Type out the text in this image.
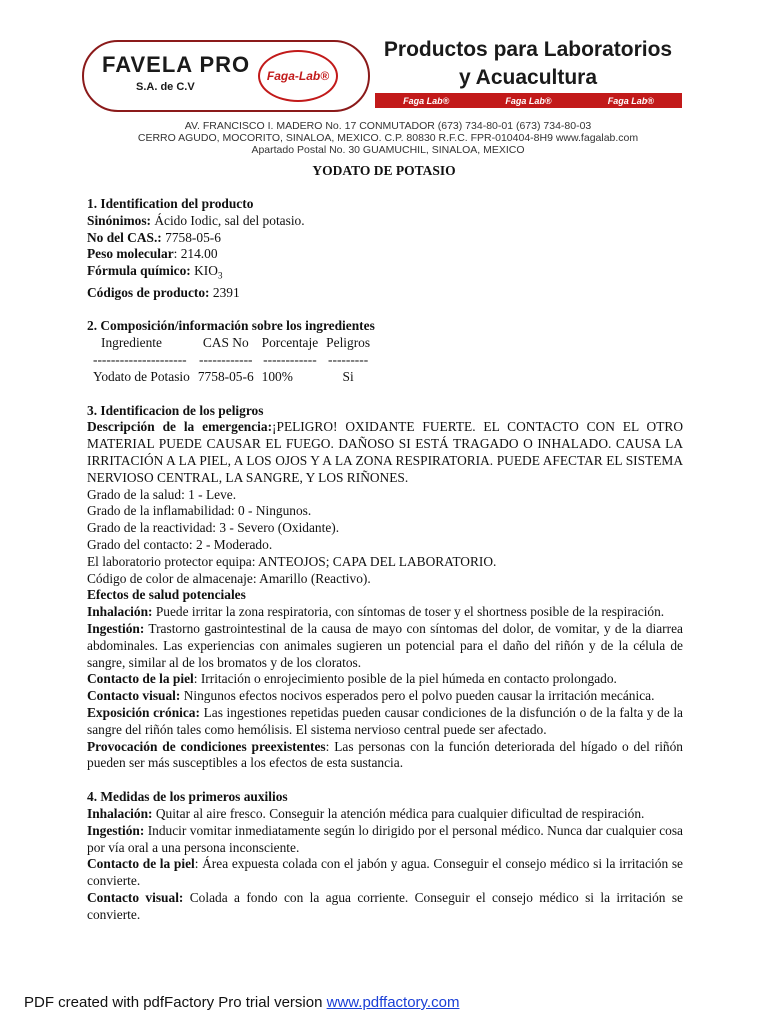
FAVELA PRO
S.A. de C.V
Faga-Lab®
Productos para Laboratorios
y Acuacultura
Faga Lab®	Faga Lab®	Faga Lab®
AV. FRANCISCO I. MADERO No. 17 CONMUTADOR (673) 734-80-01 (673) 734-80-03
CERRO AGUDO, MOCORITO, SINALOA, MEXICO. C.P. 80830 R.F.C. FPR-010404-8H9 www.fagalab.com
Apartado Postal No. 30 GUAMUCHIL, SINALOA, MEXICO
YODATO DE POTASIO

1. Identification del producto

Sinónimos: Ácido Iodic, sal del potasio.

No del CAS.: 7758-05-6

Peso molecular: 214.00

Fórmula químico: $KIO_3$

Códigos de producto: 2391

2. Composición/información sobre los ingredientes

Ingrediente	CAS No	Porcentaje	Peligros
---------------------	------------	------------	---------
Yodato de Potasio	7758-05-6	100%	Si

3. Identificacion de los peligros

Descripción de la emergencia:¡PELIGRO! OXIDANTE FUERTE. EL CONTACTO CON EL OTRO MATERIAL PUEDE CAUSAR EL FUEGO. DAÑOSO SI ESTÁ TRAGADO O INHALADO. CAUSA LA IRRITACIÓN A LA PIEL, A LOS OJOS Y A LA ZONA RESPIRATORIA. PUEDE AFECTAR EL SISTEMA NERVIOSO CENTRAL, LA SANGRE, Y LOS RIÑONES.

Grado de la salud: 1 - Leve.

Grado de la inflamabilidad: 0 - Ningunos.

Grado de la reactividad: 3 - Severo (Oxidante).

Grado del contacto: 2 - Moderado.

El laboratorio protector equipa: ANTEOJOS; CAPA DEL LABORATORIO.

Código de color de almacenaje: Amarillo (Reactivo).

Efectos de salud potenciales

Inhalación: Puede irritar la zona respiratoria, con síntomas de toser y el shortness posible de la respiración.

Ingestión: Trastorno gastrointestinal de la causa de mayo con síntomas del dolor, de vomitar, y de la diarrea abdominales. Las experiencias con animales sugieren un potencial para el daño del riñón y de la célula de sangre, similar al de los bromatos y de los cloratos.

Contacto de la piel: Irritación o enrojecimiento posible de la piel húmeda en contacto prolongado.

Contacto visual: Ningunos efectos nocivos esperados pero el polvo pueden causar la irritación mecánica.

Exposición crónica: Las ingestiones repetidas pueden causar condiciones de la disfunción o de la falta y de la sangre del riñón tales como hemólisis. El sistema nervioso central puede ser afectado.

Provocación de condiciones preexistentes: Las personas con la función deteriorada del hígado o del riñón pueden ser más susceptibles a los efectos de esta sustancia.

4. Medidas de los primeros auxilios

Inhalación: Quitar al aire fresco. Conseguir la atención médica para cualquier dificultad de respiración.

Ingestión: Inducir vomitar inmediatamente según lo dirigido por el personal médico. Nunca dar cualquier cosa por vía oral a una persona inconsciente.

Contacto de la piel: Área expuesta colada con el jabón y agua. Conseguir el consejo médico si la irritación se convierte.

Contacto visual: Colada a fondo con la agua corriente. Conseguir el consejo médico si la irritación se convierte.

PDF created with pdfFactory Pro trial version www.pdffactory.com
